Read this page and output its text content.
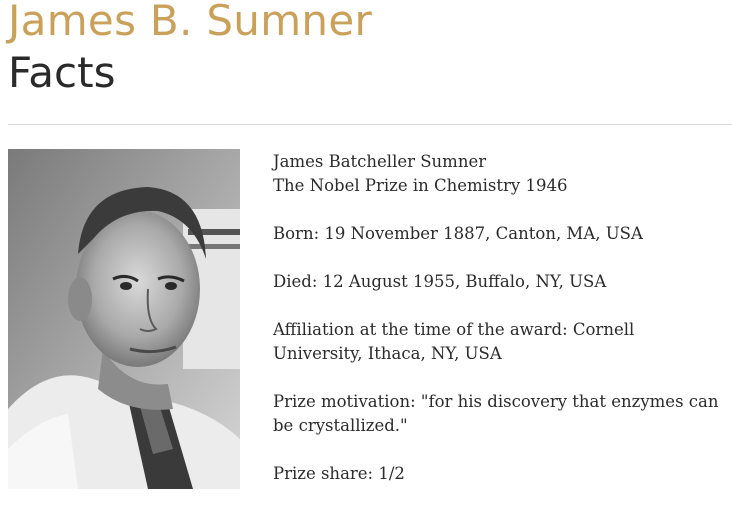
James B. Sumner
Facts

James Batcheller Sumner
The Nobel Prize in Chemistry 1946

Born: 19 November 1887, Canton, MA, USA

Died: 12 August 1955, Buffalo, NY, USA

Affiliation at the time of the award: Cornell University, Ithaca, NY, USA

Prize motivation: "for his discovery that enzymes can be crystallized."

Prize share: 1/2
